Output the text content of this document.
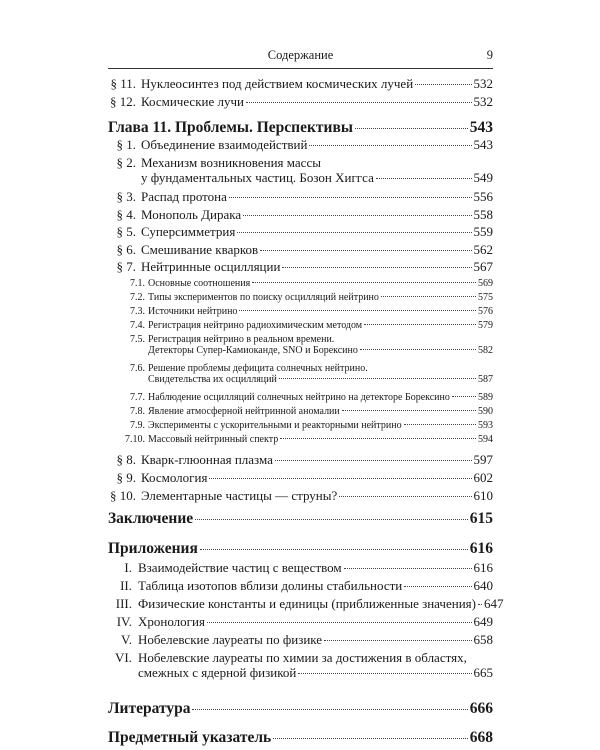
Содержание	9
§ 11. Нуклеосинтез под действием космических лучей	532
§ 12. Космические лучи	532
Глава 11. Проблемы. Перспективы	543
§ 1. Объединение взаимодействий	543
§ 2. Механизм возникновения массы
у фундаментальных частиц. Бозон Хиггса	549
§ 3. Распад протона	556
§ 4. Монополь Дирака	558
§ 5. Суперсимметрия	559
§ 6. Смешивание кварков	562
§ 7. Нейтринные осцилляции	567
7.1. Основные соотношения	569
7.2. Типы экспериментов по поиску осцилляций нейтрино	575
7.3. Источники нейтрино	576
7.4. Регистрация нейтрино радиохимическим методом	579
7.5. Регистрация нейтрино в реальном времени.
Детекторы Супер-Камиоканде, SNO и Борексино	582
7.6. Решение проблемы дефицита солнечных нейтрино.
Свидетельства их осцилляций	587
7.7. Наблюдение осцилляций солнечных нейтрино на детекторе Борексино	589
7.8. Явление атмосферной нейтринной аномалии	590
7.9. Эксперименты с ускорительными и реакторными нейтрино	593
7.10. Массовый нейтринный спектр	594
§ 8. Кварк-глюонная плазма	597
§ 9. Космология	602
§ 10. Элементарные частицы — струны?	610
Заключение	615
Приложения	616
I. Взаимодействие частиц с веществом	616
II. Таблица изотопов вблизи долины стабильности	640
III. Физические константы и единицы (приближенные значения) 647
IV. Хронология	649
V. Нобелевские лауреаты по физике	658
VI. Нобелевские лауреаты по химии за достижения в областях,
смежных с ядерной физикой	665
Литература	666
Предметный указатель	668
